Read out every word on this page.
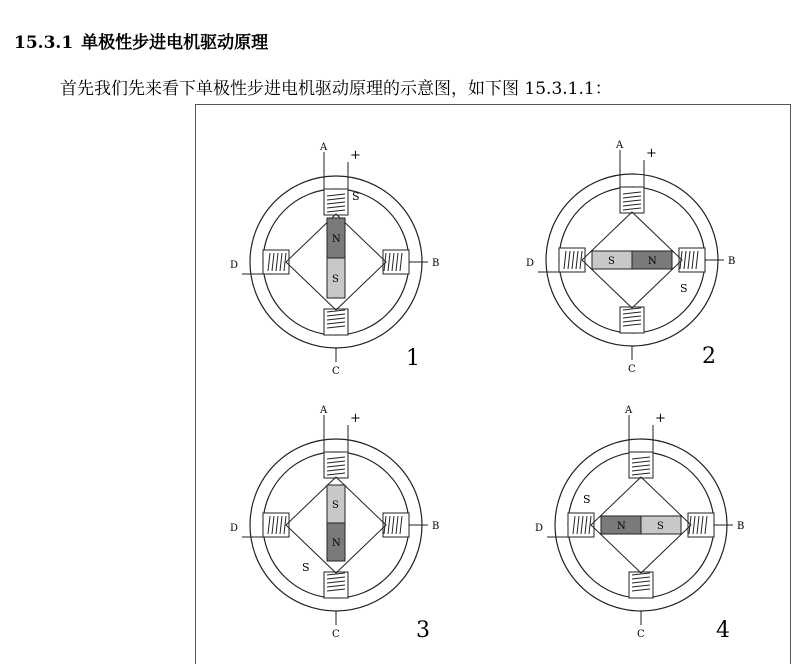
15.3.1 单极性步进电机驱动原理
首先我们先来看下单极性步进电机驱动原理的示意图，如下图 15.3.1.1：
N
S
A
+
S
B
C
D
1
S	N
A
+
S
B
C
D
2
S
N
A
+
S
B
C
D
3
N	S
A
+
S
B
C
D
4
